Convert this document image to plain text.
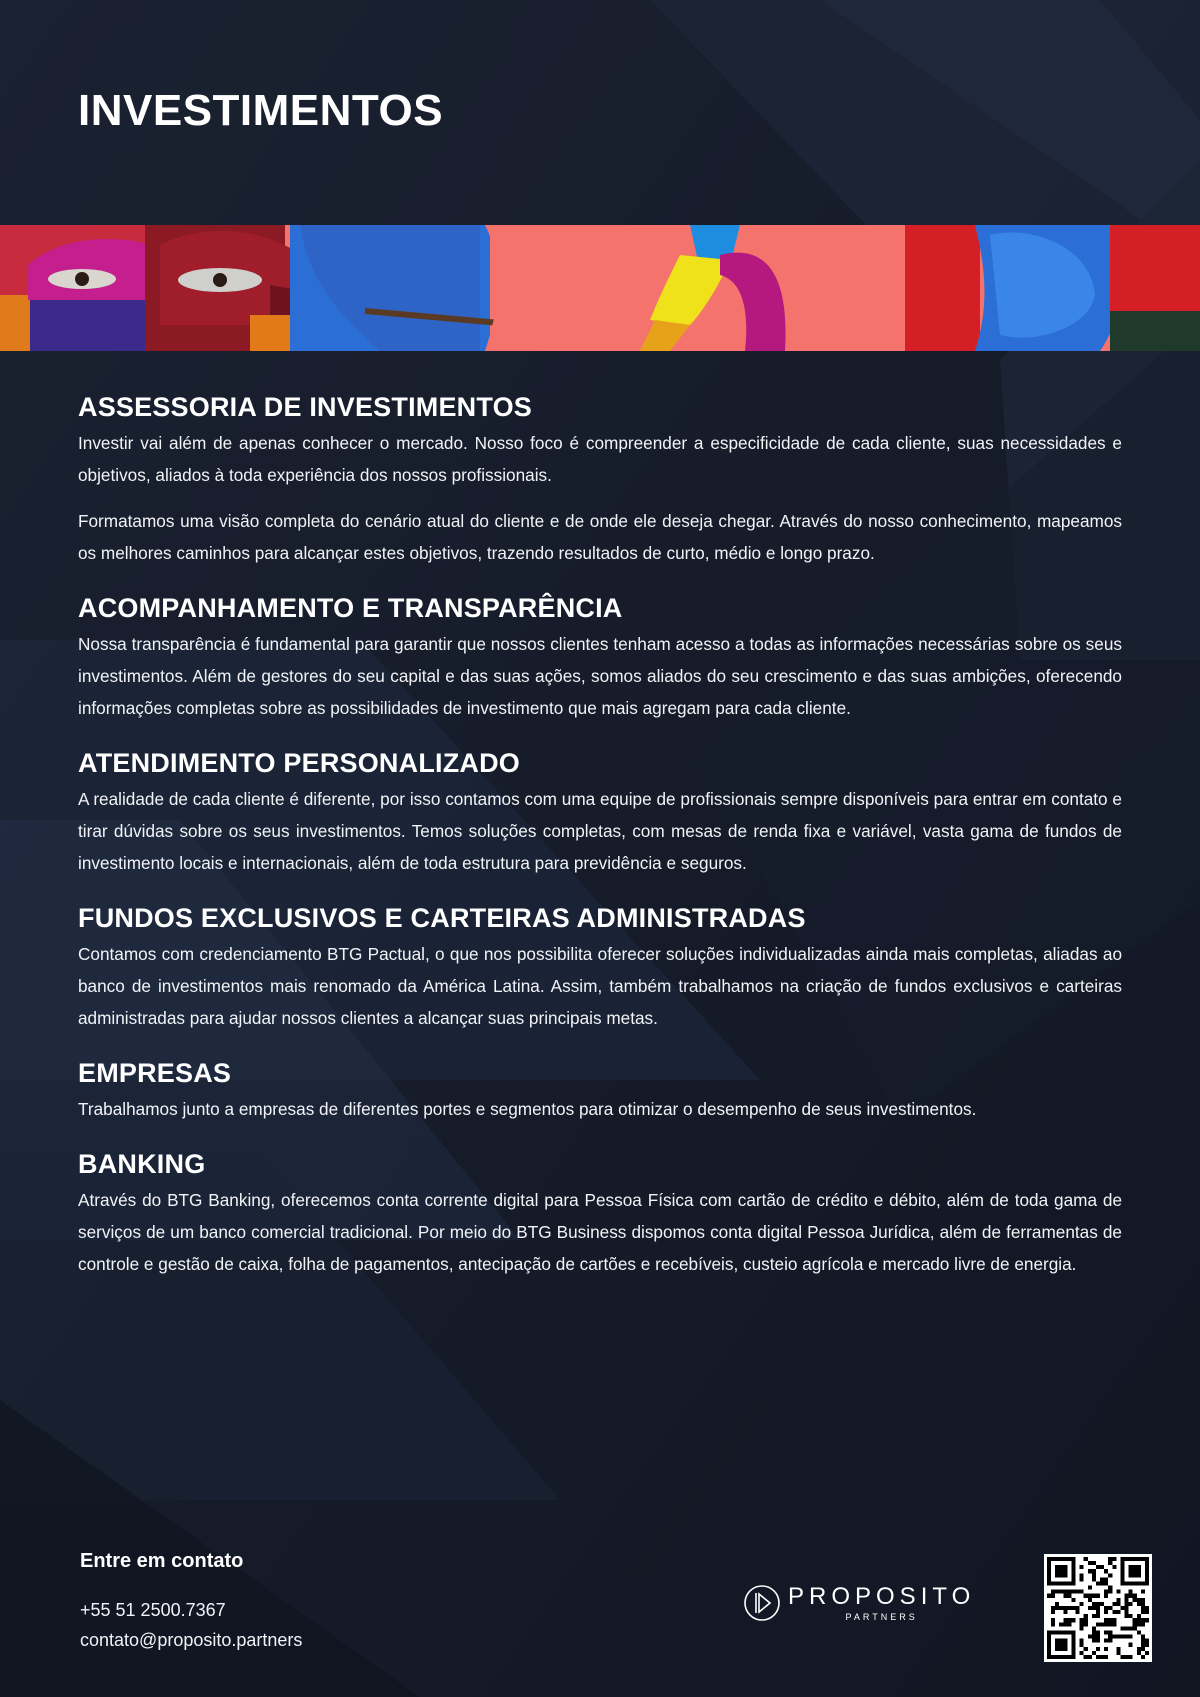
INVESTIMENTOS
ASSESSORIA DE INVESTIMENTOS

Investir vai além de apenas conhecer o mercado. Nosso foco é compreender a especificidade de cada cliente, suas necessidades e objetivos, aliados à toda experiência dos nossos profissionais.

Formatamos uma visão completa do cenário atual do cliente e de onde ele deseja chegar. Através do nosso conhecimento, mapeamos os melhores caminhos para alcançar estes objetivos, trazendo resultados de curto, médio e longo prazo.

ACOMPANHAMENTO E TRANSPARÊNCIA

Nossa transparência é fundamental para garantir que nossos clientes tenham acesso a todas as informações necessárias sobre os seus investimentos. Além de gestores do seu capital e das suas ações, somos aliados do seu crescimento e das suas ambições, oferecendo informações completas sobre as possibilidades de investimento que mais agregam para cada cliente.

ATENDIMENTO PERSONALIZADO

A realidade de cada cliente é diferente, por isso contamos com uma equipe de profissionais sempre disponíveis para entrar em contato e tirar dúvidas sobre os seus investimentos. Temos soluções completas, com mesas de renda fixa e variável, vasta gama de fundos de investimento locais e internacionais, além de toda estrutura para previdência e seguros.

FUNDOS EXCLUSIVOS E CARTEIRAS ADMINISTRADAS

Contamos com credenciamento BTG Pactual, o que nos possibilita oferecer soluções individualizadas ainda mais completas, aliadas ao banco de investimentos mais renomado da América Latina. Assim, também trabalhamos na criação de fundos exclusivos e carteiras administradas para ajudar nossos clientes a alcançar suas principais metas.

EMPRESAS

Trabalhamos junto a empresas de diferentes portes e segmentos para otimizar o desempenho de seus investimentos.

BANKING

Através do BTG Banking, oferecemos conta corrente digital para Pessoa Física com cartão de crédito e débito, além de toda gama de serviços de um banco comercial tradicional. Por meio do BTG Business dispomos conta digital Pessoa Jurídica, além de ferramentas de controle e gestão de caixa, folha de pagamentos, antecipação de cartões e recebíveis, custeio agrícola e mercado livre de energia.

Entre em contato
+55 51 2500.7367
contato@proposito.partners
PROPOSITO
PARTNERS
